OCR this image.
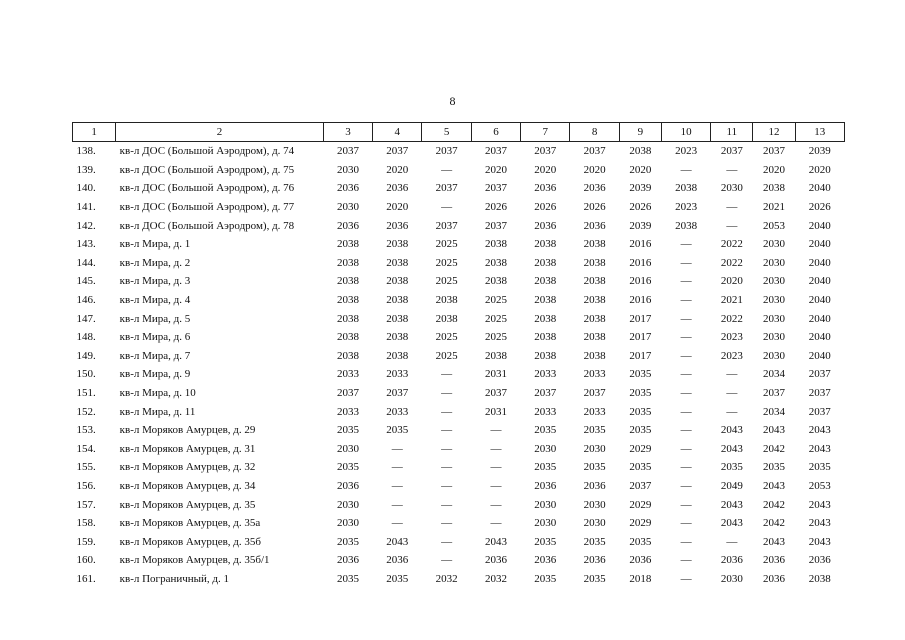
8
1	2	3	4	5	6	7	8	9	10	11	12	13
138.	кв-л ДОС (Большой Аэродром), д. 74	2037	2037	2037	2037	2037	2037	2038	2023	2037	2037	2039
139.	кв-л ДОС (Большой Аэродром), д. 75	2030	2020	—	2020	2020	2020	2020	—	—	2020	2020
140.	кв-л ДОС (Большой Аэродром), д. 76	2036	2036	2037	2037	2036	2036	2039	2038	2030	2038	2040
141.	кв-л ДОС (Большой Аэродром), д. 77	2030	2020	—	2026	2026	2026	2026	2023	—	2021	2026
142.	кв-л ДОС (Большой Аэродром), д. 78	2036	2036	2037	2037	2036	2036	2039	2038	—	2053	2040
143.	кв-л Мира, д. 1	2038	2038	2025	2038	2038	2038	2016	—	2022	2030	2040
144.	кв-л Мира, д. 2	2038	2038	2025	2038	2038	2038	2016	—	2022	2030	2040
145.	кв-л Мира, д. 3	2038	2038	2025	2038	2038	2038	2016	—	2020	2030	2040
146.	кв-л Мира, д. 4	2038	2038	2038	2025	2038	2038	2016	—	2021	2030	2040
147.	кв-л Мира, д. 5	2038	2038	2038	2025	2038	2038	2017	—	2022	2030	2040
148.	кв-л Мира, д. 6	2038	2038	2025	2025	2038	2038	2017	—	2023	2030	2040
149.	кв-л Мира, д. 7	2038	2038	2025	2038	2038	2038	2017	—	2023	2030	2040
150.	кв-л Мира, д. 9	2033	2033	—	2031	2033	2033	2035	—	—	2034	2037
151.	кв-л Мира, д. 10	2037	2037	—	2037	2037	2037	2035	—	—	2037	2037
152.	кв-л Мира, д. 11	2033	2033	—	2031	2033	2033	2035	—	—	2034	2037
153.	кв-л Моряков Амурцев, д. 29	2035	2035	—	—	2035	2035	2035	—	2043	2043	2043
154.	кв-л Моряков Амурцев, д. 31	2030	—	—	—	2030	2030	2029	—	2043	2042	2043
155.	кв-л Моряков Амурцев, д. 32	2035	—	—	—	2035	2035	2035	—	2035	2035	2035
156.	кв-л Моряков Амурцев, д. 34	2036	—	—	—	2036	2036	2037	—	2049	2043	2053
157.	кв-л Моряков Амурцев, д. 35	2030	—	—	—	2030	2030	2029	—	2043	2042	2043
158.	кв-л Моряков Амурцев, д. 35а	2030	—	—	—	2030	2030	2029	—	2043	2042	2043
159.	кв-л Моряков Амурцев, д. 35б	2035	2043	—	2043	2035	2035	2035	—	—	2043	2043
160.	кв-л Моряков Амурцев, д. 35б/1	2036	2036	—	2036	2036	2036	2036	—	2036	2036	2036
161.	кв-л Пограничный, д. 1	2035	2035	2032	2032	2035	2035	2018	—	2030	2036	2038
